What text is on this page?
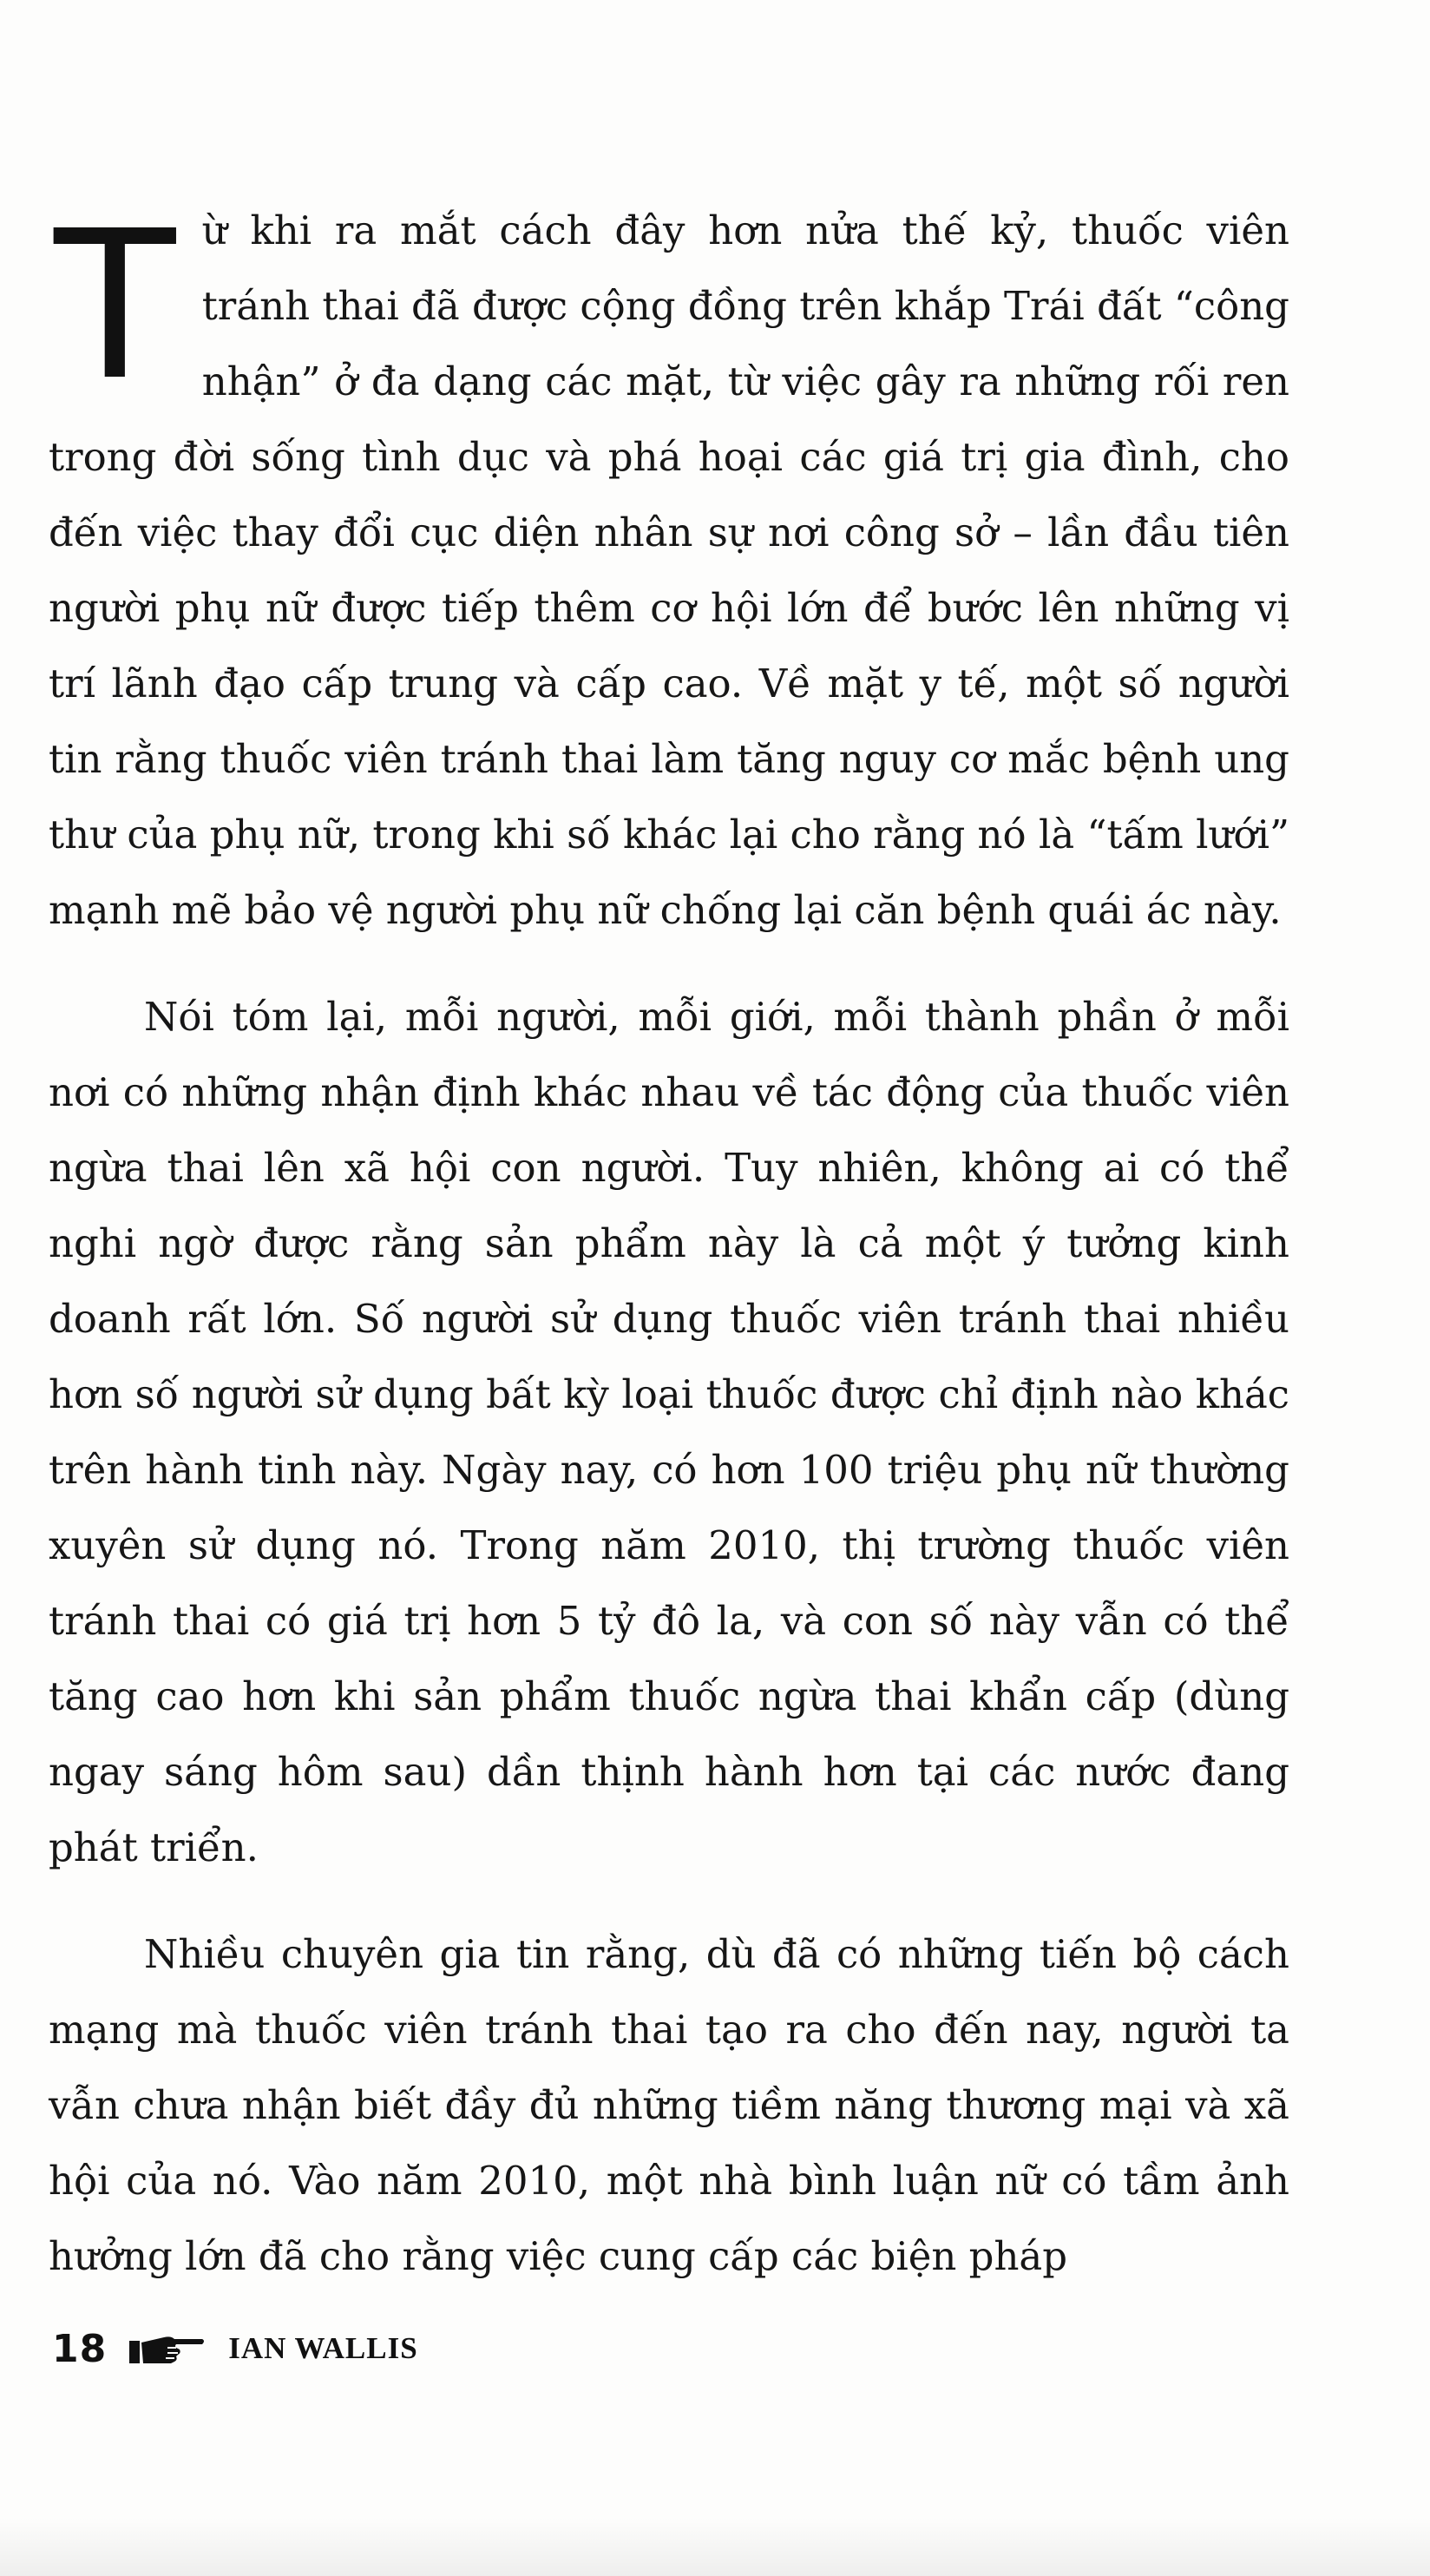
Từ khi ra mắt cách đây hơn nửa thế kỷ, thuốc viên tránh thai đã được cộng đồng trên khắp Trái đất “công nhận” ở đa dạng các mặt, từ việc gây ra những rối ren trong đời sống tình dục và phá hoại các giá trị gia đình, cho đến việc thay đổi cục diện nhân sự nơi công sở – lần đầu tiên người phụ nữ được tiếp thêm cơ hội lớn để bước lên những vị trí lãnh đạo cấp trung và cấp cao. Về mặt y tế, một số người tin rằng thuốc viên tránh thai làm tăng nguy cơ mắc bệnh ung thư của phụ nữ, trong khi số khác lại cho rằng nó là “tấm lưới” mạnh mẽ bảo vệ người phụ nữ chống lại căn bệnh quái ác này.

Nói tóm lại, mỗi người, mỗi giới, mỗi thành phần ở mỗi nơi có những nhận định khác nhau về tác động của thuốc viên ngừa thai lên xã hội con người. Tuy nhiên, không ai có thể nghi ngờ được rằng sản phẩm này là cả một ý tưởng kinh doanh rất lớn. Số người sử dụng thuốc viên tránh thai nhiều hơn số người sử dụng bất kỳ loại thuốc được chỉ định nào khác trên hành tinh này. Ngày nay, có hơn 100 triệu phụ nữ thường xuyên sử dụng nó. Trong năm 2010, thị trường thuốc viên tránh thai có giá trị hơn 5 tỷ đô la, và con số này vẫn có thể tăng cao hơn khi sản phẩm thuốc ngừa thai khẩn cấp (dùng ngay sáng hôm sau) dần thịnh hành hơn tại các nước đang phát triển.

Nhiều chuyên gia tin rằng, dù đã có những tiến bộ cách mạng mà thuốc viên tránh thai tạo ra cho đến nay, người ta vẫn chưa nhận biết đầy đủ những tiềm năng thương mại và xã hội của nó. Vào năm 2010, một nhà bình luận nữ có tầm ảnh hưởng lớn đã cho rằng việc cung cấp các biện pháp

18	IAN WALLIS
